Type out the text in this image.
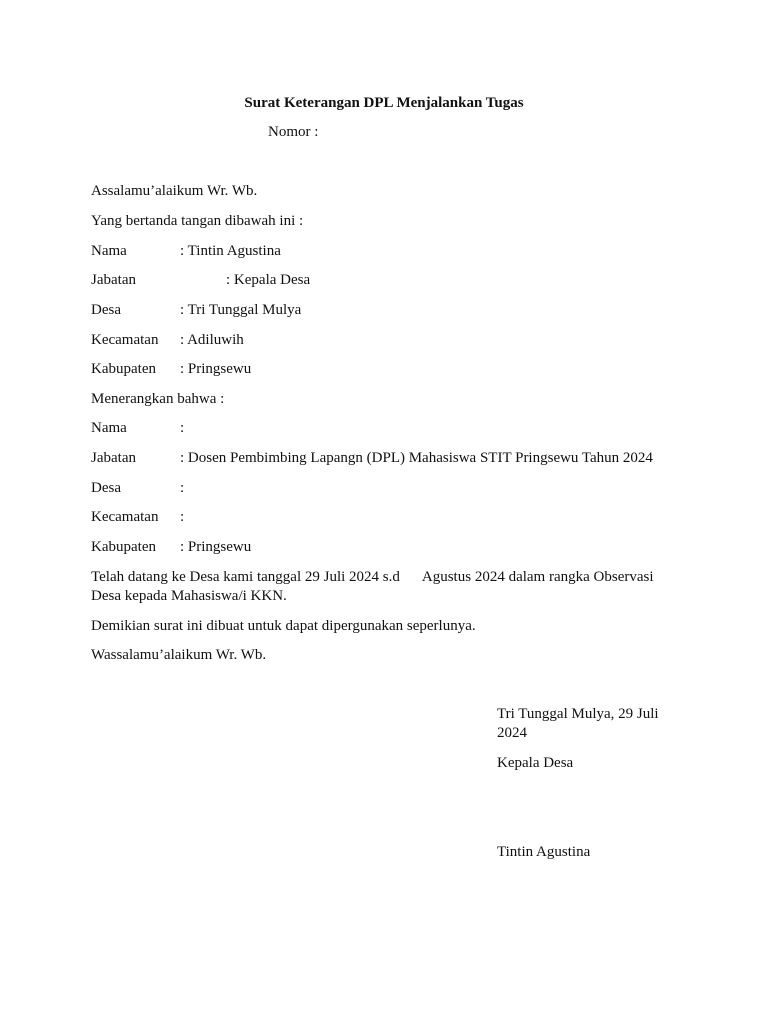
Surat Keterangan DPL Menjalankan Tugas
Nomor :
Assalamu’alaikum Wr. Wb.
Yang bertanda tangan dibawah ini :
Nama	: Tintin Agustina
Jabatan	: Kepala Desa
Desa	: Tri Tunggal Mulya
Kecamatan : Adiluwih
Kabupaten : Pringsewu
Menerangkan bahwa :
Nama	:
Jabatan	: Dosen Pembimbing Lapangn (DPL) Mahasiswa STIT Pringsewu Tahun 2024
Desa	:
Kecamatan :
Kabupaten : Pringsewu
Telah datang ke Desa kami tanggal 29 Juli 2024 s.d Agustus 2024 dalam rangka Observasi Desa kepada Mahasiswa/i KKN.
Demikian surat ini dibuat untuk dapat dipergunakan seperlunya.
Wassalamu’alaikum Wr. Wb.
Tri Tunggal Mulya, 29 Juli 2024
Kepala Desa
Tintin Agustina
